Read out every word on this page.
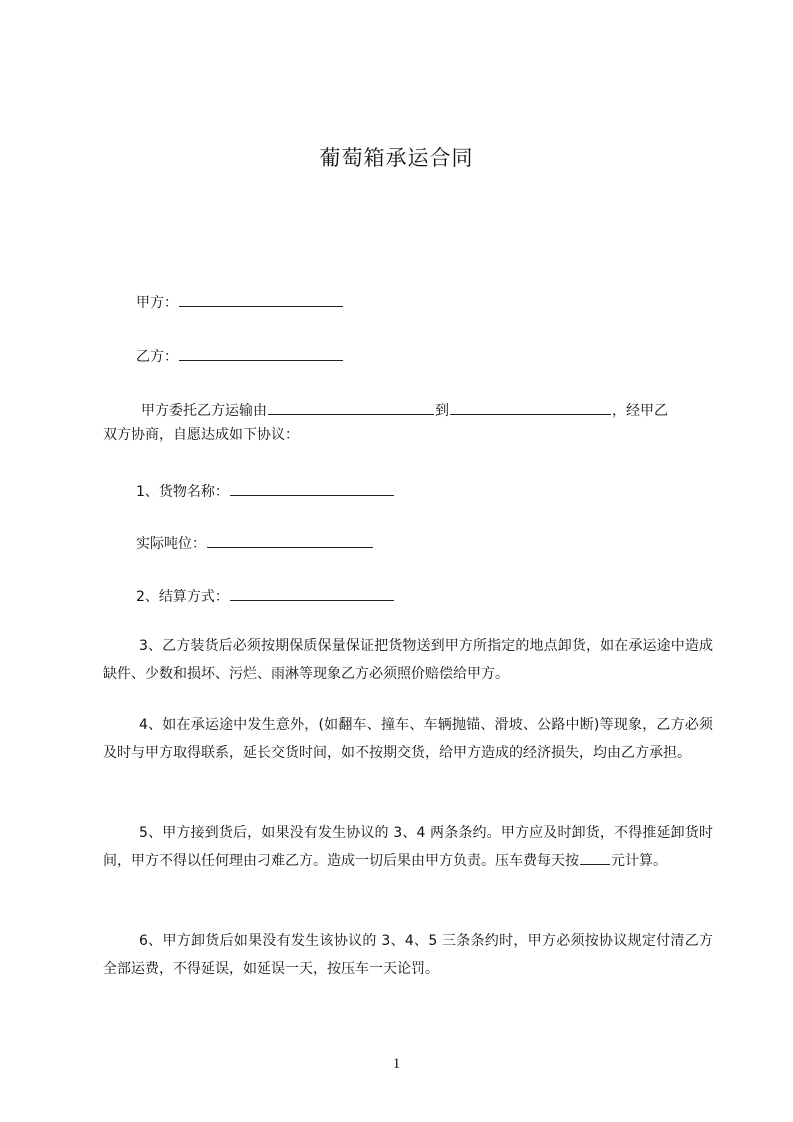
葡萄箱承运合同
甲方：
乙方：
甲方委托乙方运输由	到	，经甲乙
双方协商，自愿达成如下协议：
1、货物名称：
实际吨位：
2、结算方式：
3、乙方装货后必须按期保质保量保证把货物送到甲方所指定的地点卸货，如在承运途中造成缺件、少数和损坏、污烂、雨淋等现象乙方必须照价赔偿给甲方。
4、如在承运途中发生意外，(如翻车、撞车、车辆抛锚、滑坡、公路中断)等现象，乙方必须及时与甲方取得联系，延长交货时间，如不按期交货，给甲方造成的经济损失，均由乙方承担。
5、甲方接到货后，如果没有发生协议的 3、4 两条条约。甲方应及时卸货，不得推延卸货时间，甲方不得以任何理由刁难乙方。造成一切后果由甲方负责。压车费每天按 元计算。
6、甲方卸货后如果没有发生该协议的 3、4、5 三条条约时，甲方必须按协议规定付清乙方全部运费，不得延误，如延误一天，按压车一天论罚。
1
